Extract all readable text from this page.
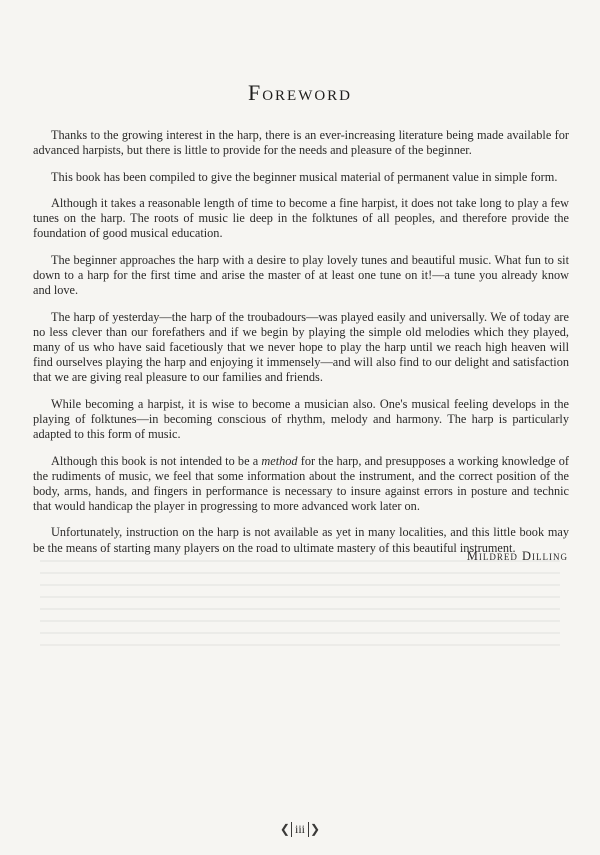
Foreword

Thanks to the growing interest in the harp, there is an ever-increasing literature being made available for advanced harpists, but there is little to provide for the needs and pleasure of the beginner.

This book has been compiled to give the beginner musical material of permanent value in simple form.

Although it takes a reasonable length of time to become a fine harpist, it does not take long to play a few tunes on the harp. The roots of music lie deep in the folktunes of all peoples, and therefore provide the foundation of good musical education.

The beginner approaches the harp with a desire to play lovely tunes and beautiful music. What fun to sit down to a harp for the first time and arise the master of at least one tune on it!—a tune you already know and love.

The harp of yesterday—the harp of the troubadours—was played easily and universally. We of today are no less clever than our forefathers and if we begin by playing the simple old melodies which they played, many of us who have said facetiously that we never hope to play the harp until we reach high heaven will find ourselves playing the harp and enjoying it immensely—and will also find to our delight and satisfaction that we are giving real pleasure to our families and friends.

While becoming a harpist, it is wise to become a musician also. One's musical feeling develops in the playing of folktunes—in becoming conscious of rhythm, melody and harmony. The harp is particularly adapted to this form of music.

Although this book is not intended to be a method for the harp, and presupposes a working knowledge of the rudiments of music, we feel that some information about the instrument, and the correct position of the body, arms, hands, and fingers in performance is necessary to insure against errors in posture and technic that would handicap the player in progressing to more advanced work later on.

Unfortunately, instruction on the harp is not available as yet in many localities, and this little book may be the means of starting many players on the road to ultimate mastery of this beautiful instrument.

Mildred Dilling
❮ iii ❯
